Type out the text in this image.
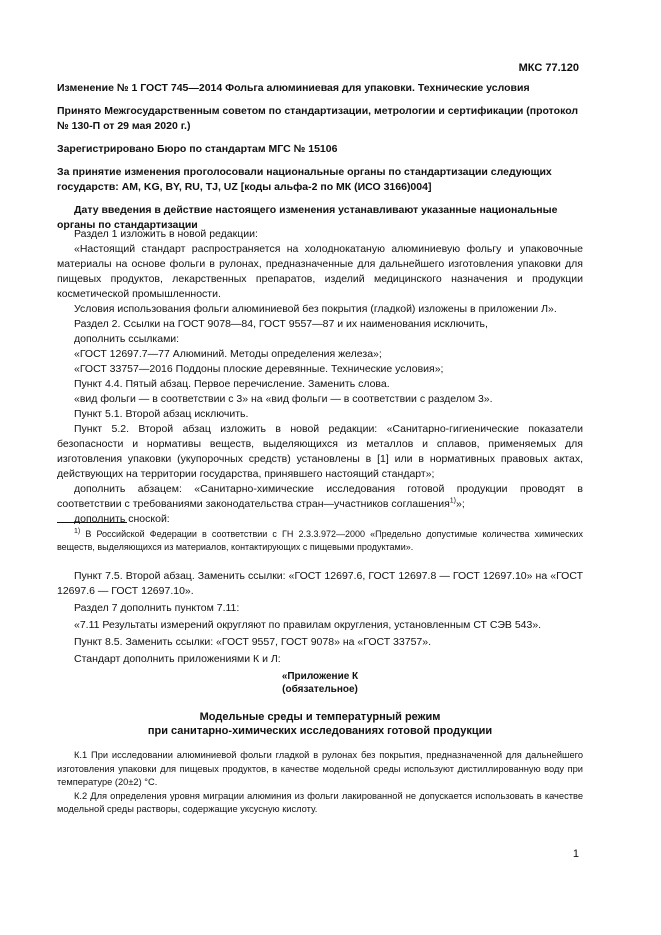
МКС 77.120

Изменение № 1 ГОСТ 745—2014 Фольга алюминиевая для упаковки. Технические условия

Принято Межгосударственным советом по стандартизации, метрологии и сертификации (протокол № 130-П от 29 мая 2020 г.)

Зарегистрировано Бюро по стандартам МГС № 15106

За принятие изменения проголосовали национальные органы по стандартизации следующих государств: AM, KG, BY, RU, TJ, UZ [коды альфа-2 по МК (ИСО 3166)004]

Дату введения в действие настоящего изменения устанавливают указанные национальные органы по стандартизации

Раздел 1 изложить в новой редакции:

«Настоящий стандарт распространяется на холоднокатаную алюминиевую фольгу и упаковочные материалы на основе фольги в рулонах, предназначенные для дальнейшего изготовления упаковки для пищевых продуктов, лекарственных препаратов, изделий медицинского назначения и продукции косметической промышленности.

Условия использования фольги алюминиевой без покрытия (гладкой) изложены в приложении Л».

Раздел 2. Ссылки на ГОСТ 9078—84, ГОСТ 9557—87 и их наименования исключить,

дополнить ссылками:

«ГОСТ 12697.7—77 Алюминий. Методы определения железа»;

«ГОСТ 33757—2016 Поддоны плоские деревянные. Технические условия»;

Пункт 4.4. Пятый абзац. Первое перечисление. Заменить слова.

«вид фольги — в соответствии с 3» на «вид фольги — в соответствии с разделом 3».

Пункт 5.1. Второй абзац исключить.

Пункт 5.2. Второй абзац изложить в новой редакции: «Санитарно-гигиенические показатели безопасности и нормативы веществ, выделяющихся из металлов и сплавов, применяемых для изготовления упаковки (укупорочных средств) установлены в [1] или в нормативных правовых актах, действующих на территории государства, принявшего настоящий стандарт»;

дополнить абзацем: «Санитарно-химические исследования готовой продукции проводят в соответствии с требованиями законодательства стран—участников соглашения$^{1)}$»;

дополнить сноской:

$^{1)}$ В Российской Федерации в соответствии с ГН 2.3.3.972—2000 «Предельно допустимые количества химических веществ, выделяющихся из материалов, контактирующих с пищевыми продуктами».

Пункт 7.5. Второй абзац. Заменить ссылки: «ГОСТ 12697.6, ГОСТ 12697.8 — ГОСТ 12697.10» на «ГОСТ 12697.6 — ГОСТ 12697.10».

Раздел 7 дополнить пунктом 7.11:

«7.11 Результаты измерений округляют по правилам округления, установленным СТ СЭВ 543».

Пункт 8.5. Заменить ссылки: «ГОСТ 9557, ГОСТ 9078» на «ГОСТ 33757».

Стандарт дополнить приложениями К и Л:

«Приложение К

(обязательное)

Модельные среды и температурный режим

при санитарно-химических исследованиях готовой продукции

К.1 При исследовании алюминиевой фольги гладкой в рулонах без покрытия, предназначенной для дальнейшего изготовления упаковки для пищевых продуктов, в качестве модельной среды используют дистиллированную воду при температуре (20±2) °С.

К.2 Для определения уровня миграции алюминия из фольги лакированной не допускается использовать в качестве модельной среды растворы, содержащие уксусную кислоту.

1
